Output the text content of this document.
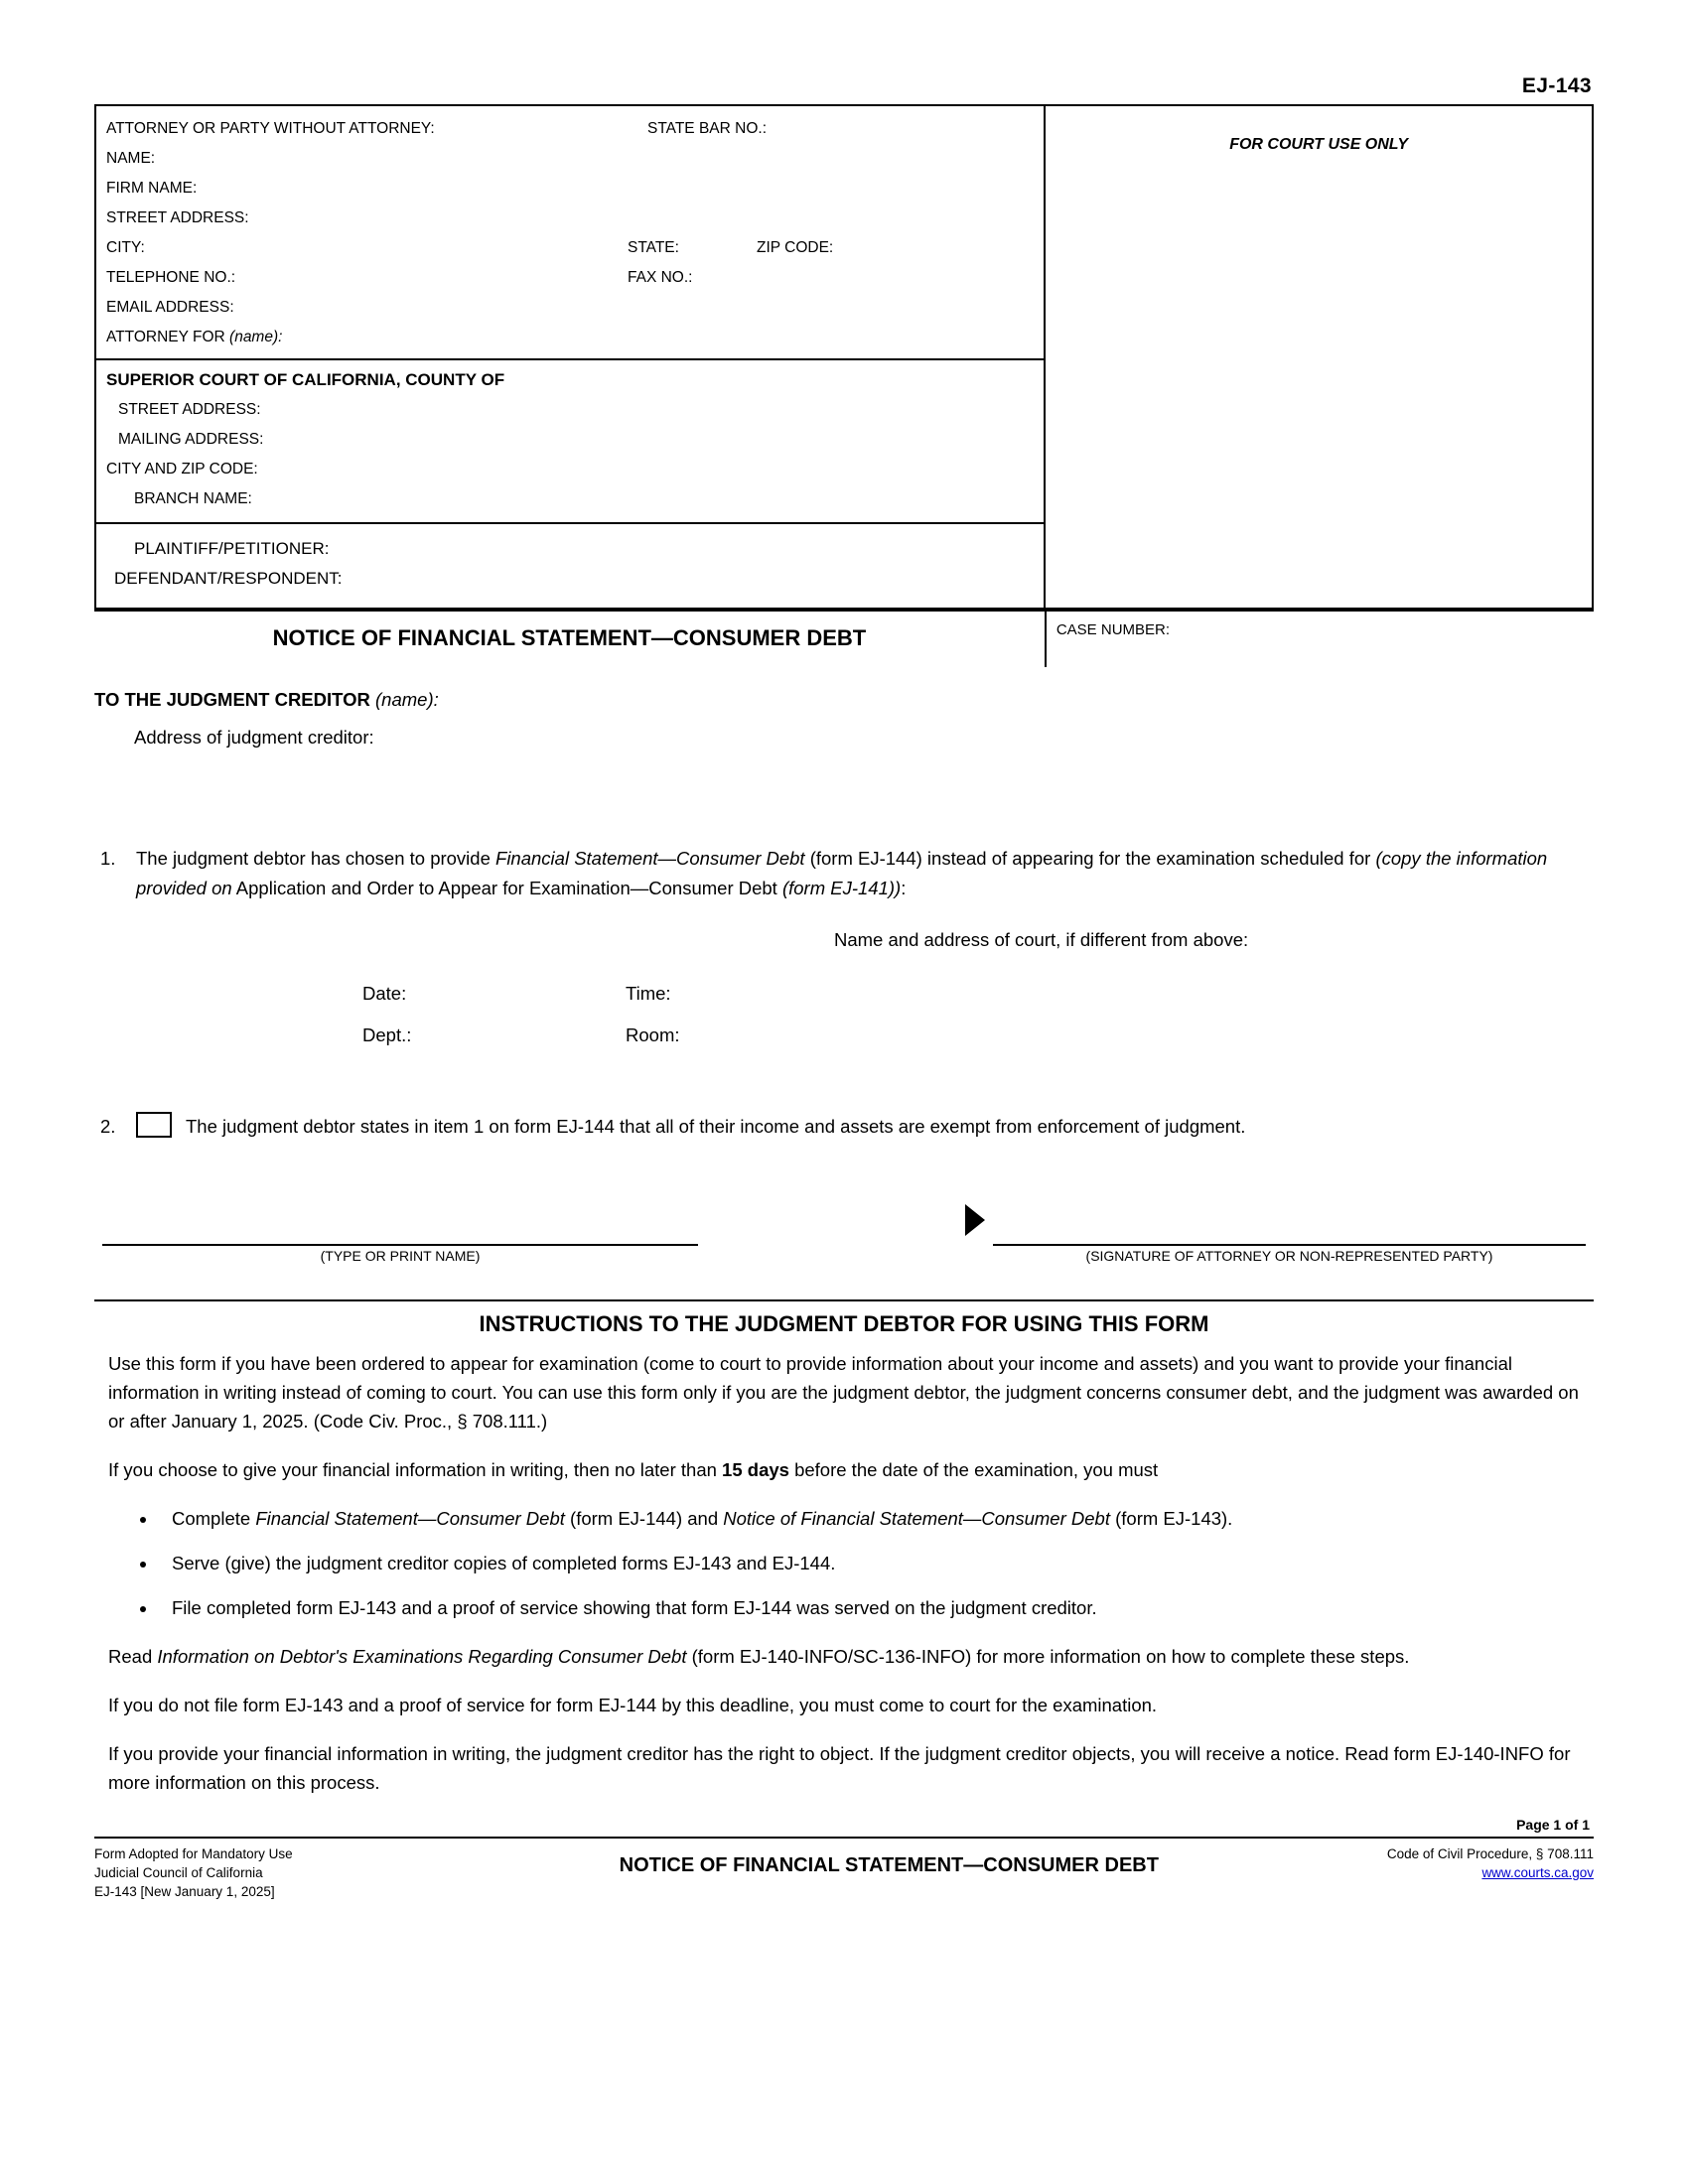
EJ-143
ATTORNEY OR PARTY WITHOUT ATTORNEY:	STATE BAR NO.:
NAME:
FIRM NAME:
STREET ADDRESS:
CITY:	STATE:	ZIP CODE:
TELEPHONE NO.:	FAX NO.:
EMAIL ADDRESS:
ATTORNEY FOR (name):
SUPERIOR COURT OF CALIFORNIA, COUNTY OF
STREET ADDRESS:
MAILING ADDRESS:
CITY AND ZIP CODE:
BRANCH NAME:
PLAINTIFF/PETITIONER:
DEFENDANT/RESPONDENT:
FOR COURT USE ONLY
NOTICE OF FINANCIAL STATEMENT—CONSUMER DEBT	CASE NUMBER:
TO THE JUDGMENT CREDITOR (name):
Address of judgment creditor:
1.	The judgment debtor has chosen to provide Financial Statement—Consumer Debt (form EJ-144) instead of appearing for the examination scheduled for (copy the information provided on Application and Order to Appear for Examination—Consumer Debt (form EJ-141)):
Name and address of court, if different from above:
Date:	Time:
Dept.:	Room:
2.	The judgment debtor states in item 1 on form EJ-144 that all of their income and assets are exempt from enforcement of judgment.
(TYPE OR PRINT NAME)	(SIGNATURE OF ATTORNEY OR NON-REPRESENTED PARTY)
INSTRUCTIONS TO THE JUDGMENT DEBTOR FOR USING THIS FORM

Use this form if you have been ordered to appear for examination (come to court to provide information about your income and assets) and you want to provide your financial information in writing instead of coming to court. You can use this form only if you are the judgment debtor, the judgment concerns consumer debt, and the judgment was awarded on or after January 1, 2025. (Code Civ. Proc., § 708.111.)

If you choose to give your financial information in writing, then no later than 15 days before the date of the examination, you must

• Complete Financial Statement—Consumer Debt (form EJ-144) and Notice of Financial Statement—Consumer Debt (form EJ-143).
• Serve (give) the judgment creditor copies of completed forms EJ-143 and EJ-144.
• File completed form EJ-143 and a proof of service showing that form EJ-144 was served on the judgment creditor.

Read Information on Debtor's Examinations Regarding Consumer Debt (form EJ-140-INFO/SC-136-INFO) for more information on how to complete these steps.

If you do not file form EJ-143 and a proof of service for form EJ-144 by this deadline, you must come to court for the examination.

If you provide your financial information in writing, the judgment creditor has the right to object. If the judgment creditor objects, you will receive a notice. Read form EJ-140-INFO for more information on this process.

Page 1 of 1
Form Adopted for Mandatory Use
Judicial Council of California
EJ-143 [New January 1, 2025]
NOTICE OF FINANCIAL STATEMENT—CONSUMER DEBT
Code of Civil Procedure, § 708.111
www.courts.ca.gov
